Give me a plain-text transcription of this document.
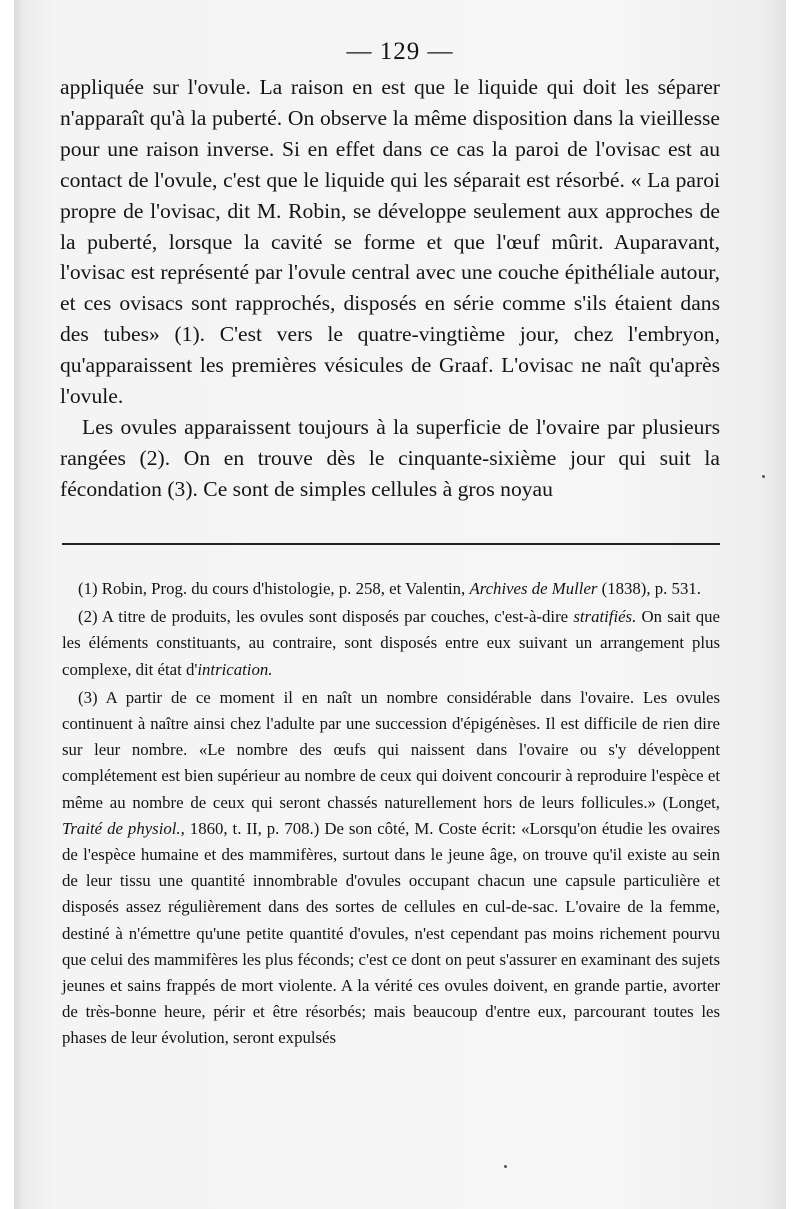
— 129 —

appliquée sur l'ovule. La raison en est que le liquide qui doit les séparer n'apparaît qu'à la puberté. On observe la même disposition dans la vieillesse pour une raison inverse. Si en effet dans ce cas la paroi de l'ovisac est au contact de l'ovule, c'est que le liquide qui les séparait est résorbé. « La paroi propre de l'ovisac, dit M. Robin, se développe seulement aux approches de la puberté, lorsque la cavité se forme et que l'œuf mûrit. Auparavant, l'ovisac est représenté par l'ovule central avec une couche épithéliale autour, et ces ovisacs sont rapprochés, disposés en série comme s'ils étaient dans des tubes» (1). C'est vers le quatre-vingtième jour, chez l'embryon, qu'apparaissent les premières vésicules de Graaf. L'ovisac ne naît qu'après l'ovule.

Les ovules apparaissent toujours à la superficie de l'ovaire par plusieurs rangées (2). On en trouve dès le cinquante-sixième jour qui suit la fécondation (3). Ce sont de simples cellules à gros noyau

(1) Robin, Prog. du cours d'histologie, p. 258, et Valentin, Archives de Muller (1838), p. 531.

(2) A titre de produits, les ovules sont disposés par couches, c'est-à-dire stratifiés. On sait que les éléments constituants, au contraire, sont disposés entre eux suivant un arrangement plus complexe, dit état d'intrication.

(3) A partir de ce moment il en naît un nombre considérable dans l'ovaire. Les ovules continuent à naître ainsi chez l'adulte par une succession d'épigénèses. Il est difficile de rien dire sur leur nombre. «Le nombre des œufs qui naissent dans l'ovaire ou s'y développent complétement est bien supérieur au nombre de ceux qui doivent concourir à reproduire l'espèce et même au nombre de ceux qui seront chassés naturellement hors de leurs follicules.» (Longet, Traité de physiol., 1860, t. II, p. 708.) De son côté, M. Coste écrit: «Lorsqu'on étudie les ovaires de l'espèce humaine et des mammifères, surtout dans le jeune âge, on trouve qu'il existe au sein de leur tissu une quantité innombrable d'ovules occupant chacun une capsule particulière et disposés assez régulièrement dans des sortes de cellules en cul-de-sac. L'ovaire de la femme, destiné à n'émettre qu'une petite quantité d'ovules, n'est cependant pas moins richement pourvu que celui des mammifères les plus féconds; c'est ce dont on peut s'assurer en examinant des sujets jeunes et sains frappés de mort violente. A la vérité ces ovules doivent, en grande partie, avorter de très-bonne heure, périr et être résorbés; mais beaucoup d'entre eux, parcourant toutes les phases de leur évolution, seront expulsés
